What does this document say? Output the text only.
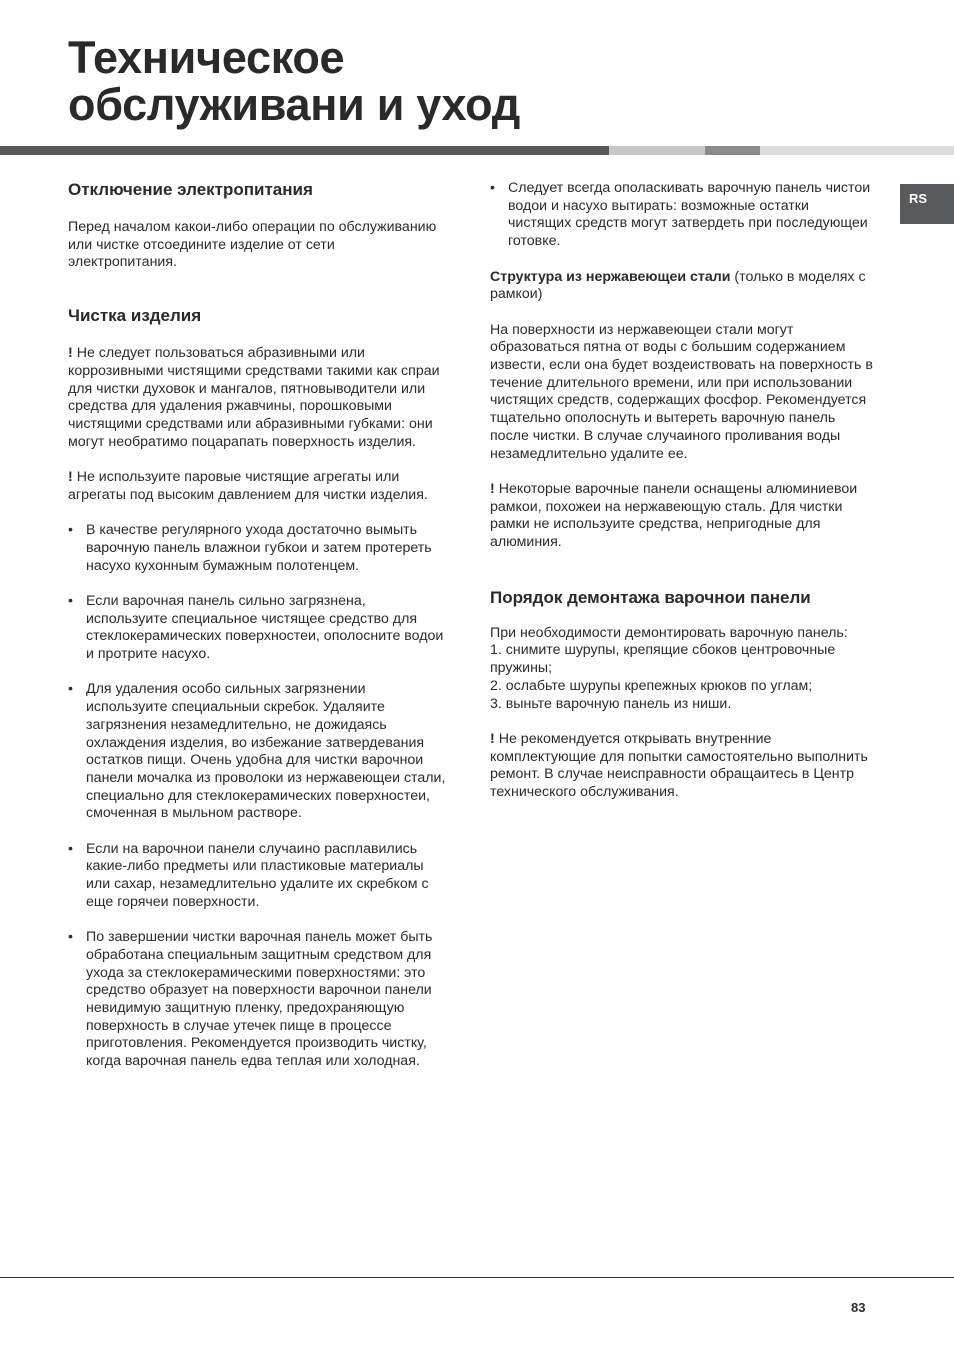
Техническое
обслуживани и уход
RS
Отключение электропитания

Перед началом какои-либо операции по обслуживанию или чистке отсоедините изделие от сети электропитания.

Чистка изделия

! Не следует пользоваться абразивными или коррозивными чистящими средствами такими как спраи для чистки духовок и мангалов, пятновыводители или средства для удаления ржавчины, порошковыми чистящими средствами или абразивными губками: они могут необратимо поцарапать поверхность изделия.

! Не используите паровые чистящие агрегаты или агрегаты под высоким давлением для чистки изделия.

• В качестве регулярного ухода достаточно вымыть варочную панель влажнои губкои и затем протереть насухо кухонным бумажным полотенцем.
• Если варочная панель сильно загрязнена, используите специальное чистящее средство для стеклокерамических поверхностеи, ополосните водои и протрите насухо.
• Для удаления особо сильных загрязнении используите специальныи скребок. Удаляите загрязнения незамедлительно, не дожидаясь охлаждения изделия, во избежание затвердевания остатков пищи. Очень удобна для чистки варочнои панели мочалка из проволоки из нержавеющеи стали, специально для стеклокерамических поверхностеи, смоченная в мыльном растворе.
• Если на варочнои панели случаино расплавились какие-либо предметы или пластиковые материалы или сахар, незамедлительно удалите их скребком с еще горячеи поверхности.
• По завершении чистки варочная панель может быть обработана специальным защитным средством для ухода за стеклокерамическими поверхностями: это средство образует на поверхности варочнои панели невидимую защитную пленку, предохраняющую поверхность в случае утечек пище в процессе приготовления. Рекомендуется производить чистку, когда варочная панель едва теплая или холодная.
• Следует всегда ополаскивать варочную панель чистои водои и насухо вытирать: возможные остатки чистящих средств могут затвердеть при последующеи готовке.

Структура из нержавеющеи стали (только в моделях с рамкои)

На поверхности из нержавеющеи стали могут образоваться пятна от воды с большим содержанием извести, если она будет воздеиствовать на поверхность в течение длительного времени, или при использовании чистящих средств, содержащих фосфор. Рекомендуется тщательно ополоснуть и вытереть варочную панель после чистки. В случае случаиного проливания воды незамедлительно удалите ее.

! Некоторые варочные панели оснащены алюминиевои рамкои, похожеи на нержавеющую сталь. Для чистки рамки не используите средства, непригодные для алюминия.

Порядок демонтажа варочнои панели

При необходимости демонтировать варочную панель:

1. снимите шурупы, крепящие сбоков центровочные пружины;

2. ослабьте шурупы крепежных крюков по углам;

3. выньте варочную панель из ниши.

! Не рекомендуется открывать внутренние комплектующие для попытки самостоятельно выполнить ремонт. В случае неисправности обращаитесь в Центр технического обслуживания.

83
